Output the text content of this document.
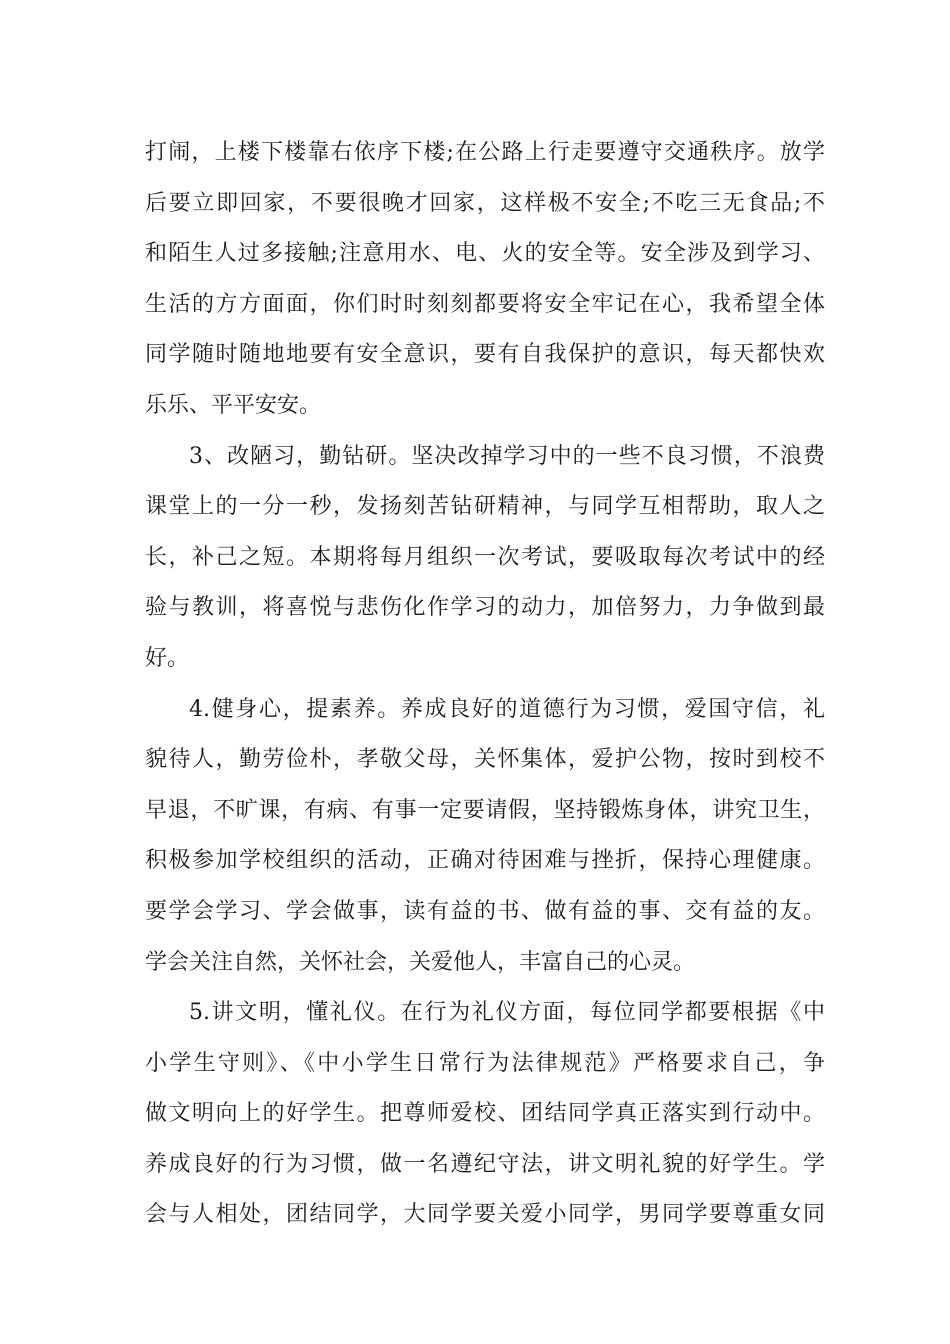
打闹，上楼下楼靠右依序下楼;在公路上行走要遵守交通秩序。放学
后要立即回家，不要很晚才回家，这样极不安全;不吃三无食品;不
和陌生人过多接触;注意用水、电、火的安全等。安全涉及到学习、
生活的方方面面，你们时时刻刻都要将安全牢记在心，我希望全体
同学随时随地地要有安全意识，要有自我保护的意识，每天都快欢
乐乐、平平安安。
3、改陋习，勤钻研。坚决改掉学习中的一些不良习惯，不浪费
课堂上的一分一秒，发扬刻苦钻研精神，与同学互相帮助，取人之
长，补己之短。本期将每月组织一次考试，要吸取每次考试中的经
验与教训，将喜悦与悲伤化作学习的动力，加倍努力，力争做到最
好。
4.健身心，提素养。养成良好的道德行为习惯，爱国守信，礼
貌待人，勤劳俭朴，孝敬父母，关怀集体，爱护公物，按时到校不
早退，不旷课，有病、有事一定要请假，坚持锻炼身体，讲究卫生，
积极参加学校组织的活动，正确对待困难与挫折，保持心理健康。
要学会学习、学会做事，读有益的书、做有益的事、交有益的友。
学会关注自然，关怀社会，关爱他人，丰富自己的心灵。
5.讲文明，懂礼仪。在行为礼仪方面，每位同学都要根据《中
小学生守则》、《中小学生日常行为法律规范》严格要求自己，争
做文明向上的好学生。把尊师爱校、团结同学真正落实到行动中。
养成良好的行为习惯，做一名遵纪守法，讲文明礼貌的好学生。学
会与人相处，团结同学，大同学要关爱小同学，男同学要尊重女同
